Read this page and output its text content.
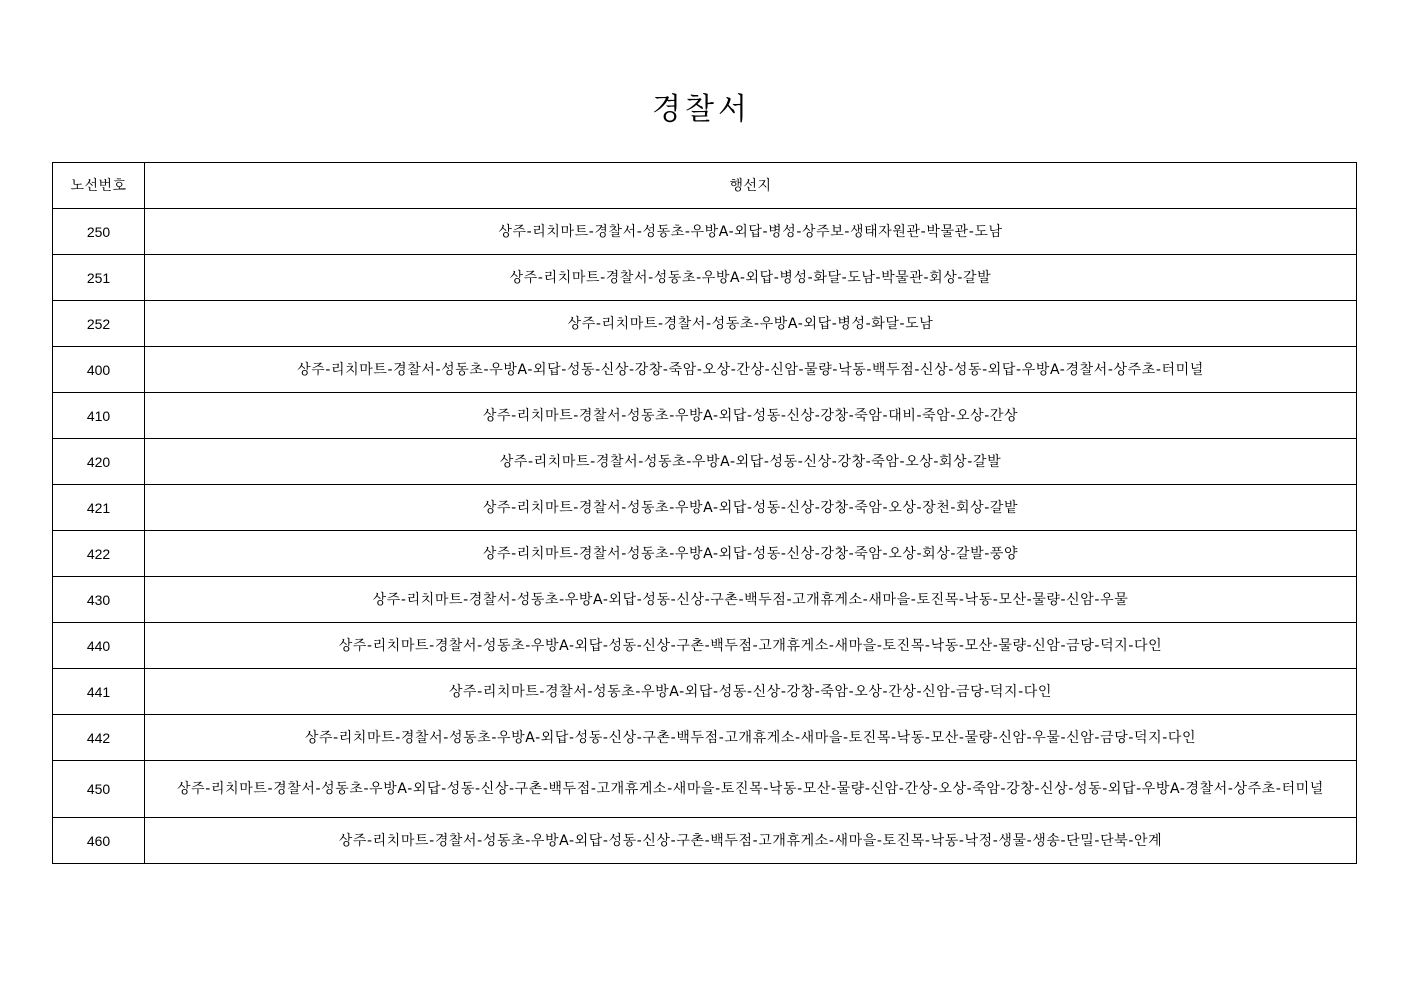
경찰서
노선번호	행선지
250	상주-리치마트-경찰서-성동초-우방A-외답-병성-상주보-생태자원관-박물관-도남
251	상주-리치마트-경찰서-성동초-우방A-외답-병성-화달-도남-박물관-회상-갈발
252	상주-리치마트-경찰서-성동초-우방A-외답-병성-화달-도남
400	상주-리치마트-경찰서-성동초-우방A-외답-성동-신상-강창-죽암-오상-간상-신암-물량-낙동-백두점-신상-성동-외답-우방A-경찰서-상주초-터미널
410	상주-리치마트-경찰서-성동초-우방A-외답-성동-신상-강창-죽암-대비-죽암-오상-간상
420	상주-리치마트-경찰서-성동초-우방A-외답-성동-신상-강창-죽암-오상-회상-갈발
421	상주-리치마트-경찰서-성동초-우방A-외답-성동-신상-강창-죽암-오상-장천-회상-갈밭
422	상주-리치마트-경찰서-성동초-우방A-외답-성동-신상-강창-죽암-오상-회상-갈발-풍양
430	상주-리치마트-경찰서-성동초-우방A-외답-성동-신상-구촌-백두점-고개휴게소-새마을-토진목-낙동-모산-물량-신암-우물
440	상주-리치마트-경찰서-성동초-우방A-외답-성동-신상-구촌-백두점-고개휴게소-새마을-토진목-낙동-모산-물량-신암-금당-덕지-다인
441	상주-리치마트-경찰서-성동초-우방A-외답-성동-신상-강창-죽암-오상-간상-신암-금당-덕지-다인
442	상주-리치마트-경찰서-성동초-우방A-외답-성동-신상-구촌-백두점-고개휴게소-새마을-토진목-낙동-모산-물량-신암-우물-신암-금당-덕지-다인
450	상주-리치마트-경찰서-성동초-우방A-외답-성동-신상-구촌-백두점-고개휴게소-새마을-토진목-낙동-모산-물량-신암-간상-오상-죽암-강창-신상-성동-외답-우방A-경찰서-상주초-터미널
460	상주-리치마트-경찰서-성동초-우방A-외답-성동-신상-구촌-백두점-고개휴게소-새마을-토진목-낙동-낙정-생물-생송-단밀-단북-안계
